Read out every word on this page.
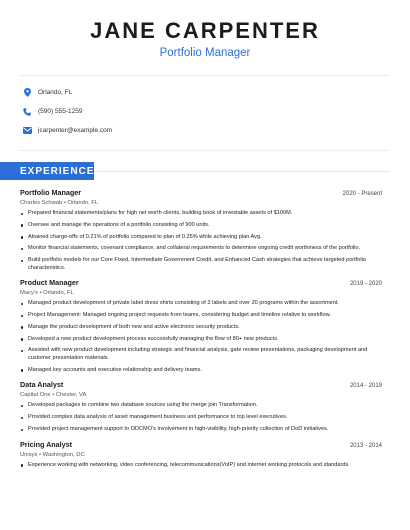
JANE CARPENTER
Portfolio Manager
Orlando, FL
(590) 555-1259
jcarpenter@example.com
EXPERIENCE
Portfolio Manager	2020 - Present
Charles Schwab • Orlando, FL
Prepared financial statements/plans for high net worth clients, building book of investable assets of $100M.
Oversee and manage the operations of a portfolio consisting of 900 units.
Attained charge-offs of 0.21% of portfolio compared to plan of 0.25% while achieving plan Avg.
Monitor financial statements, covenant compliance, and collateral requirements to determine ongoing credit worthiness of the portfolio.
Build portfolio models for our Core Fixed, Intermediate Government Credit, and Enhanced Cash strategies that achieve targeted portfolio characteristics.
Product Manager	2019 - 2020
Macy's • Orlando, FL
Managed product development of private label dress shirts consisting of 3 labels and over 20 programs within the assortment.
Project Management: Managed ongoing project requests from teams, considering budget and timeline relative to workflow.
Manage the product development of both new and active electronic security products.
Developed a new product development process successfully managing the flow of 80+ new products.
Assisted with new product development including strategic and financial analysis, gate review presentations, packaging development and customer presentation materials.
Managed key accounts and executive relationship and delivery teams.
Data Analyst	2014 - 2019
Capital One • Chester, VA
Developed packages to combine two database sources using the merge join Transformation.
Provided complex data analysis of asset management business unit performance to top level executives.
Provided project management support to ODCMO's involvement in high-visibility, high-priority collection of DoD initiatives.
Pricing Analyst	2013 - 2014
Unisys • Washington, DC
Experience working with networking, video conferencing, telecommunications(VoIP) and internet working protocols and standards.
